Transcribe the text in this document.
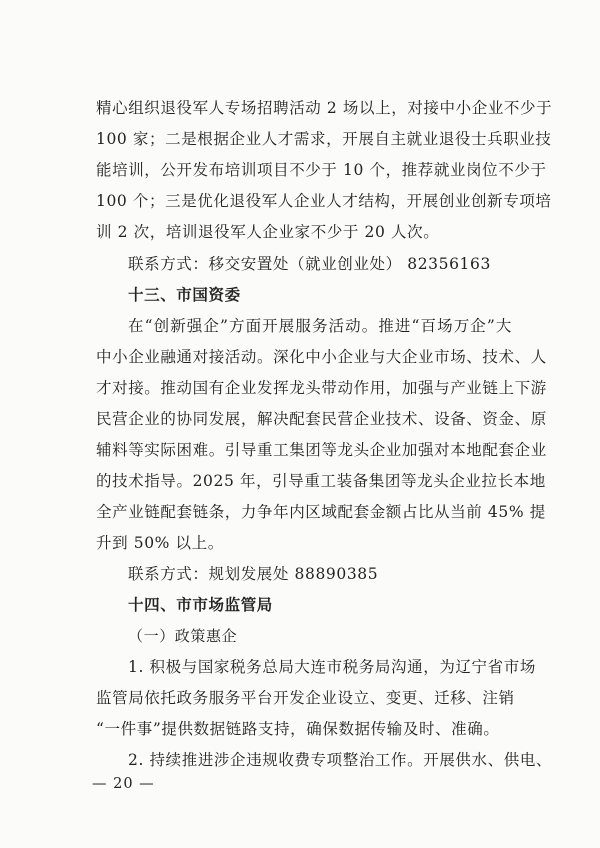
精心组织退役军人专场招聘活动 2 场以上，对接中小企业不少于
100 家；二是根据企业人才需求，开展自主就业退役士兵职业技
能培训，公开发布培训项目不少于 10 个，推荐就业岗位不少于
100 个；三是优化退役军人企业人才结构，开展创业创新专项培
训 2 次，培训退役军人企业家不少于 20 人次。
联系方式：移交安置处（就业创业处） 82356163
十三、市国资委
在“创新强企”方面开展服务活动。推进“百场万企”大
中小企业融通对接活动。深化中小企业与大企业市场、技术、人
才对接。推动国有企业发挥龙头带动作用，加强与产业链上下游
民营企业的协同发展，解决配套民营企业技术、设备、资金、原
辅料等实际困难。引导重工集团等龙头企业加强对本地配套企业
的技术指导。2025 年，引导重工装备集团等龙头企业拉长本地
全产业链配套链条，力争年内区域配套金额占比从当前 45% 提
升到 50% 以上。
联系方式：规划发展处 88890385
十四、市市场监管局
（一）政策惠企
1. 积极与国家税务总局大连市税务局沟通，为辽宁省市场
监管局依托政务服务平台开发企业设立、变更、迁移、注销
“一件事”提供数据链路支持，确保数据传输及时、准确。
2. 持续推进涉企违规收费专项整治工作。开展供水、供电、
— 20 —
